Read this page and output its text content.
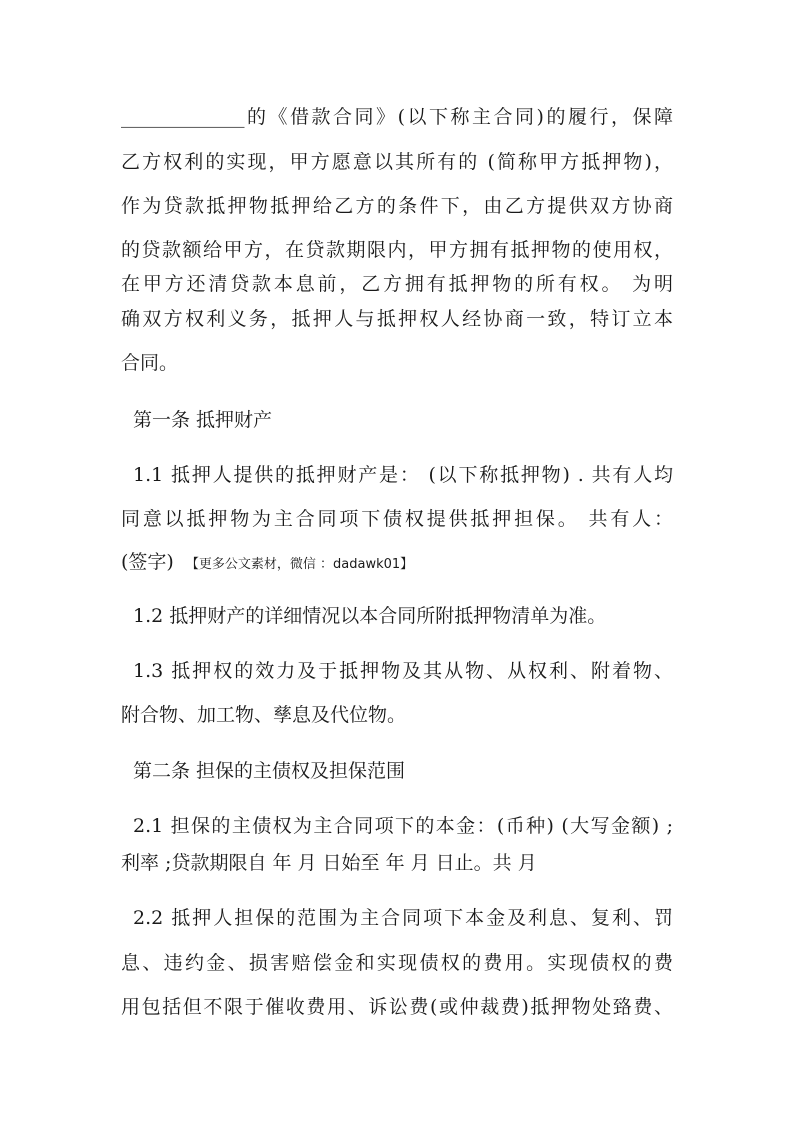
_____________的《借款合同》(以下称主合同)的履行，保障
乙方权利的实现，甲方愿意以其所有的 (简称甲方抵押物)，
作为贷款抵押物抵押给乙方的条件下，由乙方提供双方协商
的贷款额给甲方，在贷款期限内，甲方拥有抵押物的使用权，
在甲方还清贷款本息前，乙方拥有抵押物的所有权。 为明
确双方权利义务，抵押人与抵押权人经协商一致，特订立本
合同。
第一条 抵押财产
1.1 抵押人提供的抵押财产是： (以下称抵押物) . 共有人均
同意以抵押物为主合同项下债权提供抵押担保。 共有人：
(签字) 【更多公文素材，微信 ：dadawk01】
1.2 抵押财产的详细情况以本合同所附抵押物清单为准。
1.3 抵押权的效力及于抵押物及其从物、从权利、附着物、
附合物、加工物、孳息及代位物。
第二条 担保的主债权及担保范围
2.1 担保的主债权为主合同项下的本金：(币种) (大写金额) ;
利率 ;贷款期限自 年 月 日始至 年 月 日止。共 月
2.2 抵押人担保的范围为主合同项下本金及利息、复利、罚
息、违约金、损害赔偿金和实现债权的费用。实现债权的费
用包括但不限于催收费用、诉讼费(或仲裁费)抵押物处臵费、
